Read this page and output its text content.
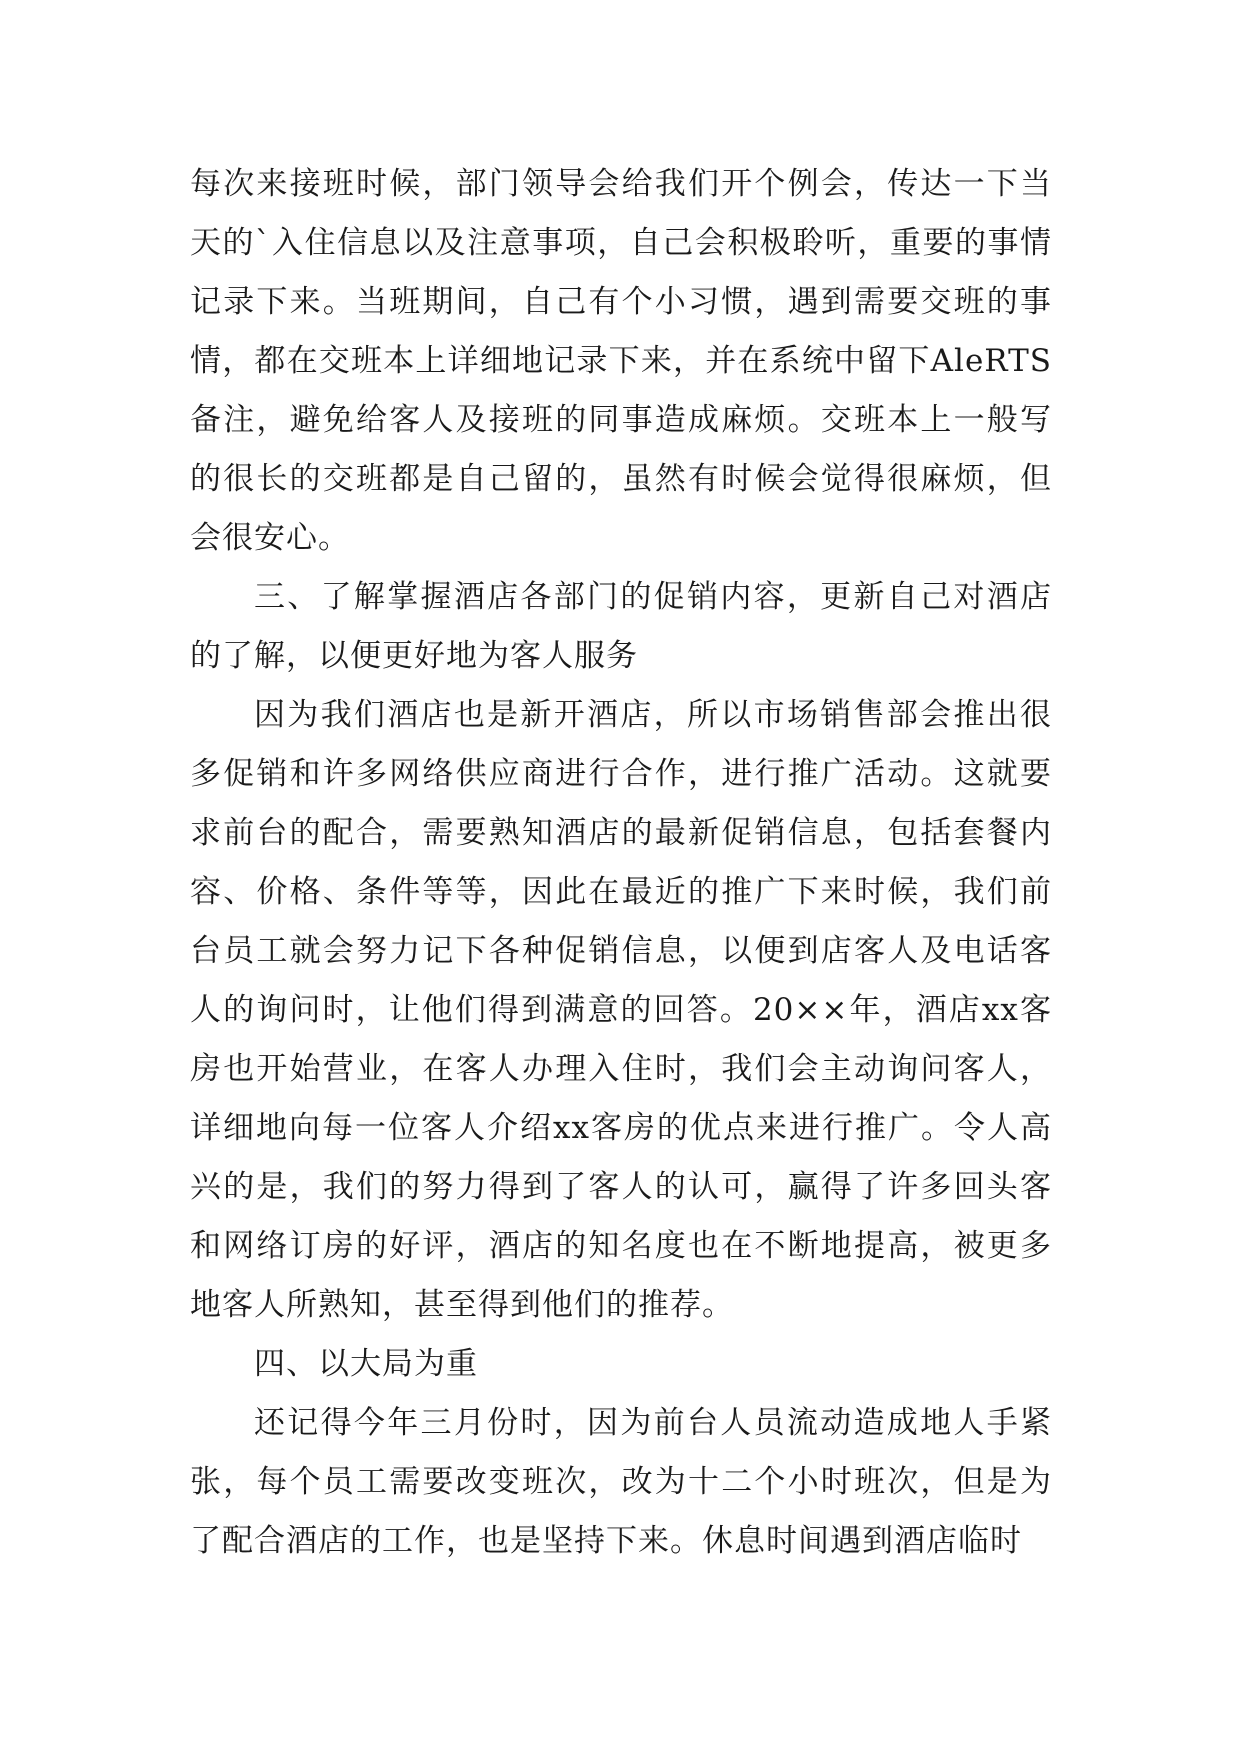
每次来接班时候，部门领导会给我们开个例会，传达一下当天的`入住信息以及注意事项，自己会积极聆听，重要的事情记录下来。当班期间，自己有个小习惯，遇到需要交班的事情，都在交班本上详细地记录下来，并在系统中留下AleRTS备注，避免给客人及接班的同事造成麻烦。交班本上一般写的很长的交班都是自己留的，虽然有时候会觉得很麻烦，但会很安心。

三、了解掌握酒店各部门的促销内容，更新自己对酒店的了解，以便更好地为客人服务

因为我们酒店也是新开酒店，所以市场销售部会推出很多促销和许多网络供应商进行合作，进行推广活动。这就要求前台的配合，需要熟知酒店的最新促销信息，包括套餐内容、价格、条件等等，因此在最近的推广下来时候，我们前台员工就会努力记下各种促销信息，以便到店客人及电话客人的询问时，让他们得到满意的回答。20××年，酒店xx客房也开始营业，在客人办理入住时，我们会主动询问客人，详细地向每一位客人介绍xx客房的优点来进行推广。令人高兴的是，我们的努力得到了客人的认可，赢得了许多回头客和网络订房的好评，酒店的知名度也在不断地提高，被更多地客人所熟知，甚至得到他们的推荐。

四、以大局为重

还记得今年三月份时，因为前台人员流动造成地人手紧张，每个员工需要改变班次，改为十二个小时班次，但是为了配合酒店的工作，也是坚持下来。休息时间遇到酒店临时
